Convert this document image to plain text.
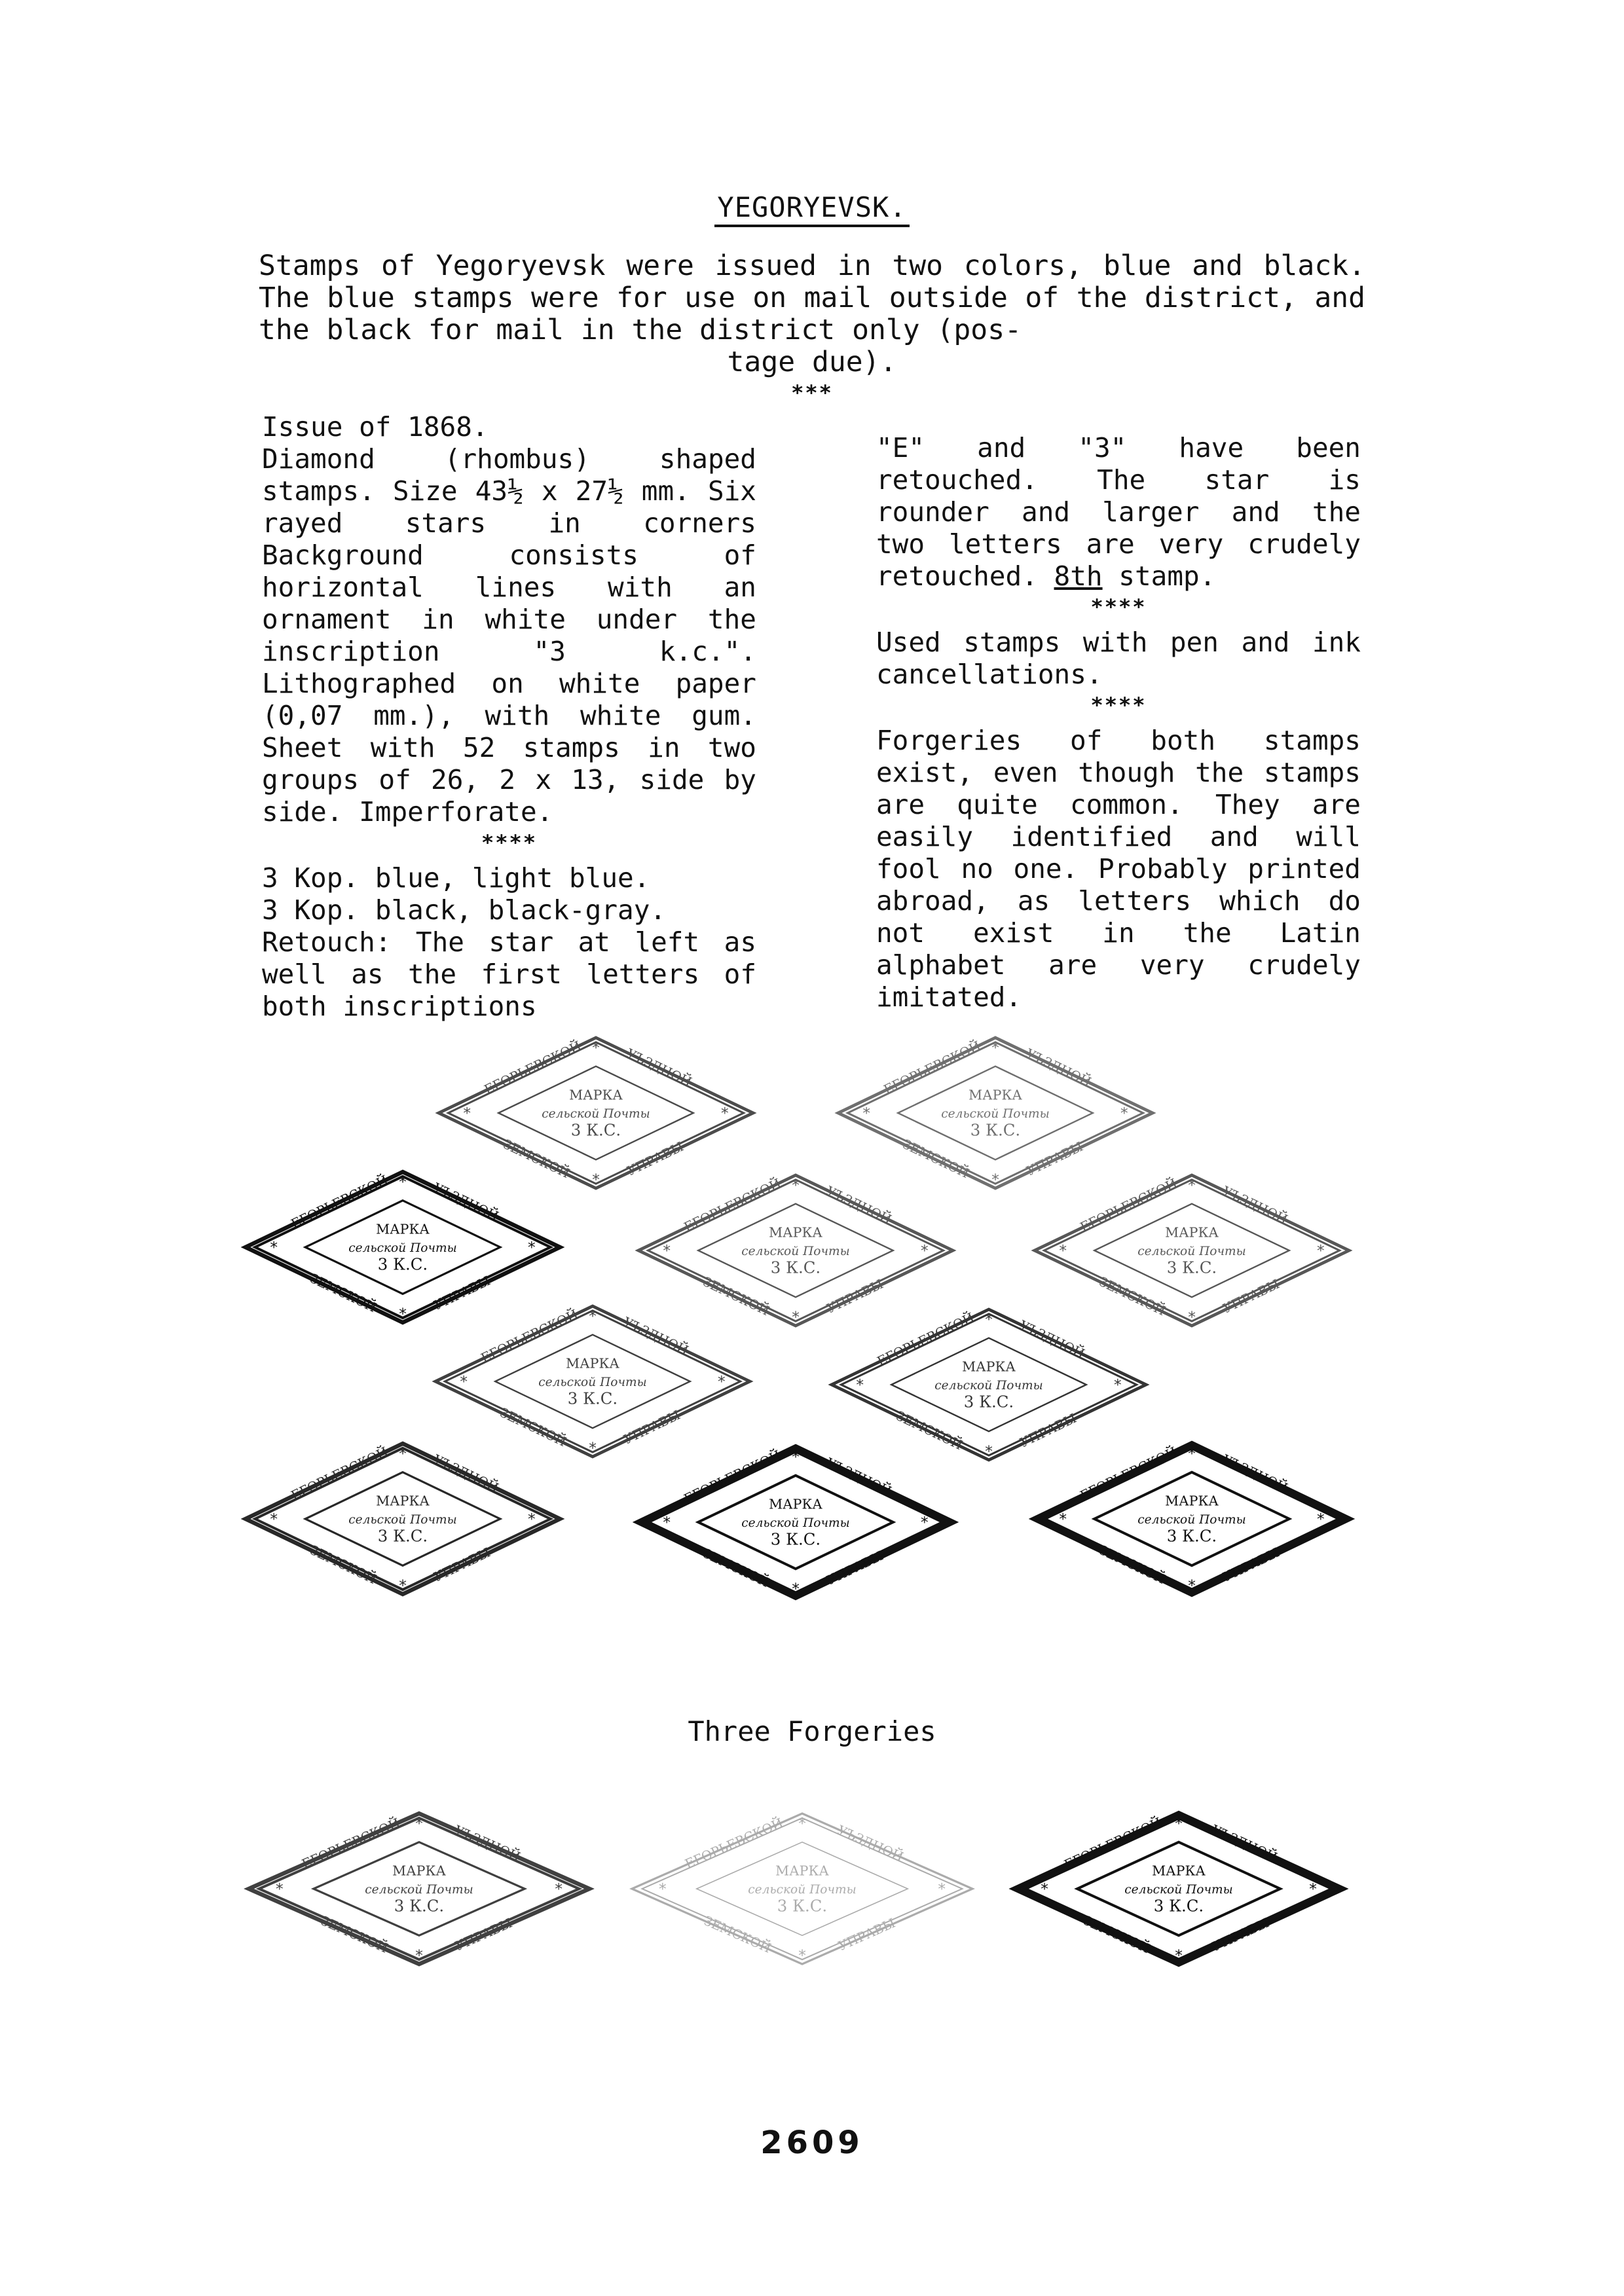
YEGORYEVSK.

Stamps of Yegoryevsk were issued in two colors, blue and black. The blue stamps were for use on mail outside of the district, and the black for mail in the district only (pos-

tage due).

***

Issue of 1868.

Diamond (rhombus) shaped stamps. Size 43½ x 27½ mm. Six rayed stars in corners Background consists of horizontal lines with an ornament in white under the inscription "3 k.c.". Lithographed on white paper (0,07 mm.), with white gum. Sheet with 52 stamps in two groups of 26, 2 x 13, side by side. Imperforate.

****

3 Kop. blue, light blue.

3 Kop. black, black-gray.

Retouch: The star at left as well as the first letters of both inscriptions

"E" and "3" have been retouched. The star is rounder and larger and the two letters are very crudely retouched. 8th stamp.

****

Used stamps with pen and ink cancellations.

****

Forgeries of both stamps exist, even though the stamps are quite common. They are easily identified and will fool no one. Probably printed abroad, as letters which do not exist in the Latin alphabet are very crudely imitated.

ЕГОРЬЕВСКОЙ	УЪЗДНОЙ
ЗЕМСКОЙ	УПРАВЫ
*
*
*	*
МАРКА
сельской Почты
3 К.С.
ЕГОРЬЕВСКОЙ	УЪЗДНОЙ
ЗЕМСКОЙ	УПРАВЫ
*
*
*	*
МАРКА
сельской Почты
3 К.С.
ЕГОРЬЕВСКОЙ	УЪЗДНОЙ
ЗЕМСКОЙ	УПРАВЫ
*
*
*	*
МАРКА
сельской Почты
3 К.С.
ЕГОРЬЕВСКОЙ	УЪЗДНОЙ
ЗЕМСКОЙ	УПРАВЫ
*
*
*	*
МАРКА
сельской Почты
3 К.С.
ЕГОРЬЕВСКОЙ	УЪЗДНОЙ
ЗЕМСКОЙ	УПРАВЫ
*
*
*	*
МАРКА
сельской Почты
3 К.С.
ЕГОРЬЕВСКОЙ	УЪЗДНОЙ
ЗЕМСКОЙ	УПРАВЫ
*
*
*	*
МАРКА
сельской Почты
3 К.С.
ЕГОРЬЕВСКОЙ	УЪЗДНОЙ
ЗЕМСКОЙ	УПРАВЫ
*
*
*	*
МАРКА
сельской Почты
3 К.С.
ЕГОРЬЕВСКОЙ	УЪЗДНОЙ
ЗЕМСКОЙ	УПРАВЫ
*
*
*	*
МАРКА
сельской Почты
3 К.С.
ЕГОРЬЕВСКОЙ	УЪЗДНОЙ
ЗЕМСКОЙ	УПРАВЫ
*
*
*	*
МАРКА
сельской Почты
3 К.С.
ЕГОРЬЕВСКОЙ	УЪЗДНОЙ
ЗЕМСКОЙ	УПРАВЫ
*
*
*	*
МАРКА
сельской Почты
3 К.С.
ЕГОРЬЕВСКОЙ	УЪЗДНОЙ
ЗЕМСКОЙ	УПРАВЫ
*
*
*	*
МАРКА
сельской Почты
3 К.С.
ЕГОРЬЕВСКОЙ	УЪЗДНОЙ
ЗЕМСКОЙ	УПРАВЫ
*
*
*	*
МАРКА
сельской Почты
3 К.С.
ЕГОРЬЕВСКОЙ	УЪЗДНОЙ
ЗЕМСКОЙ	УПРАВЫ
*
*
*	*
МАРКА
сельской Почты
3 К.С.
Three Forgeries
2609
